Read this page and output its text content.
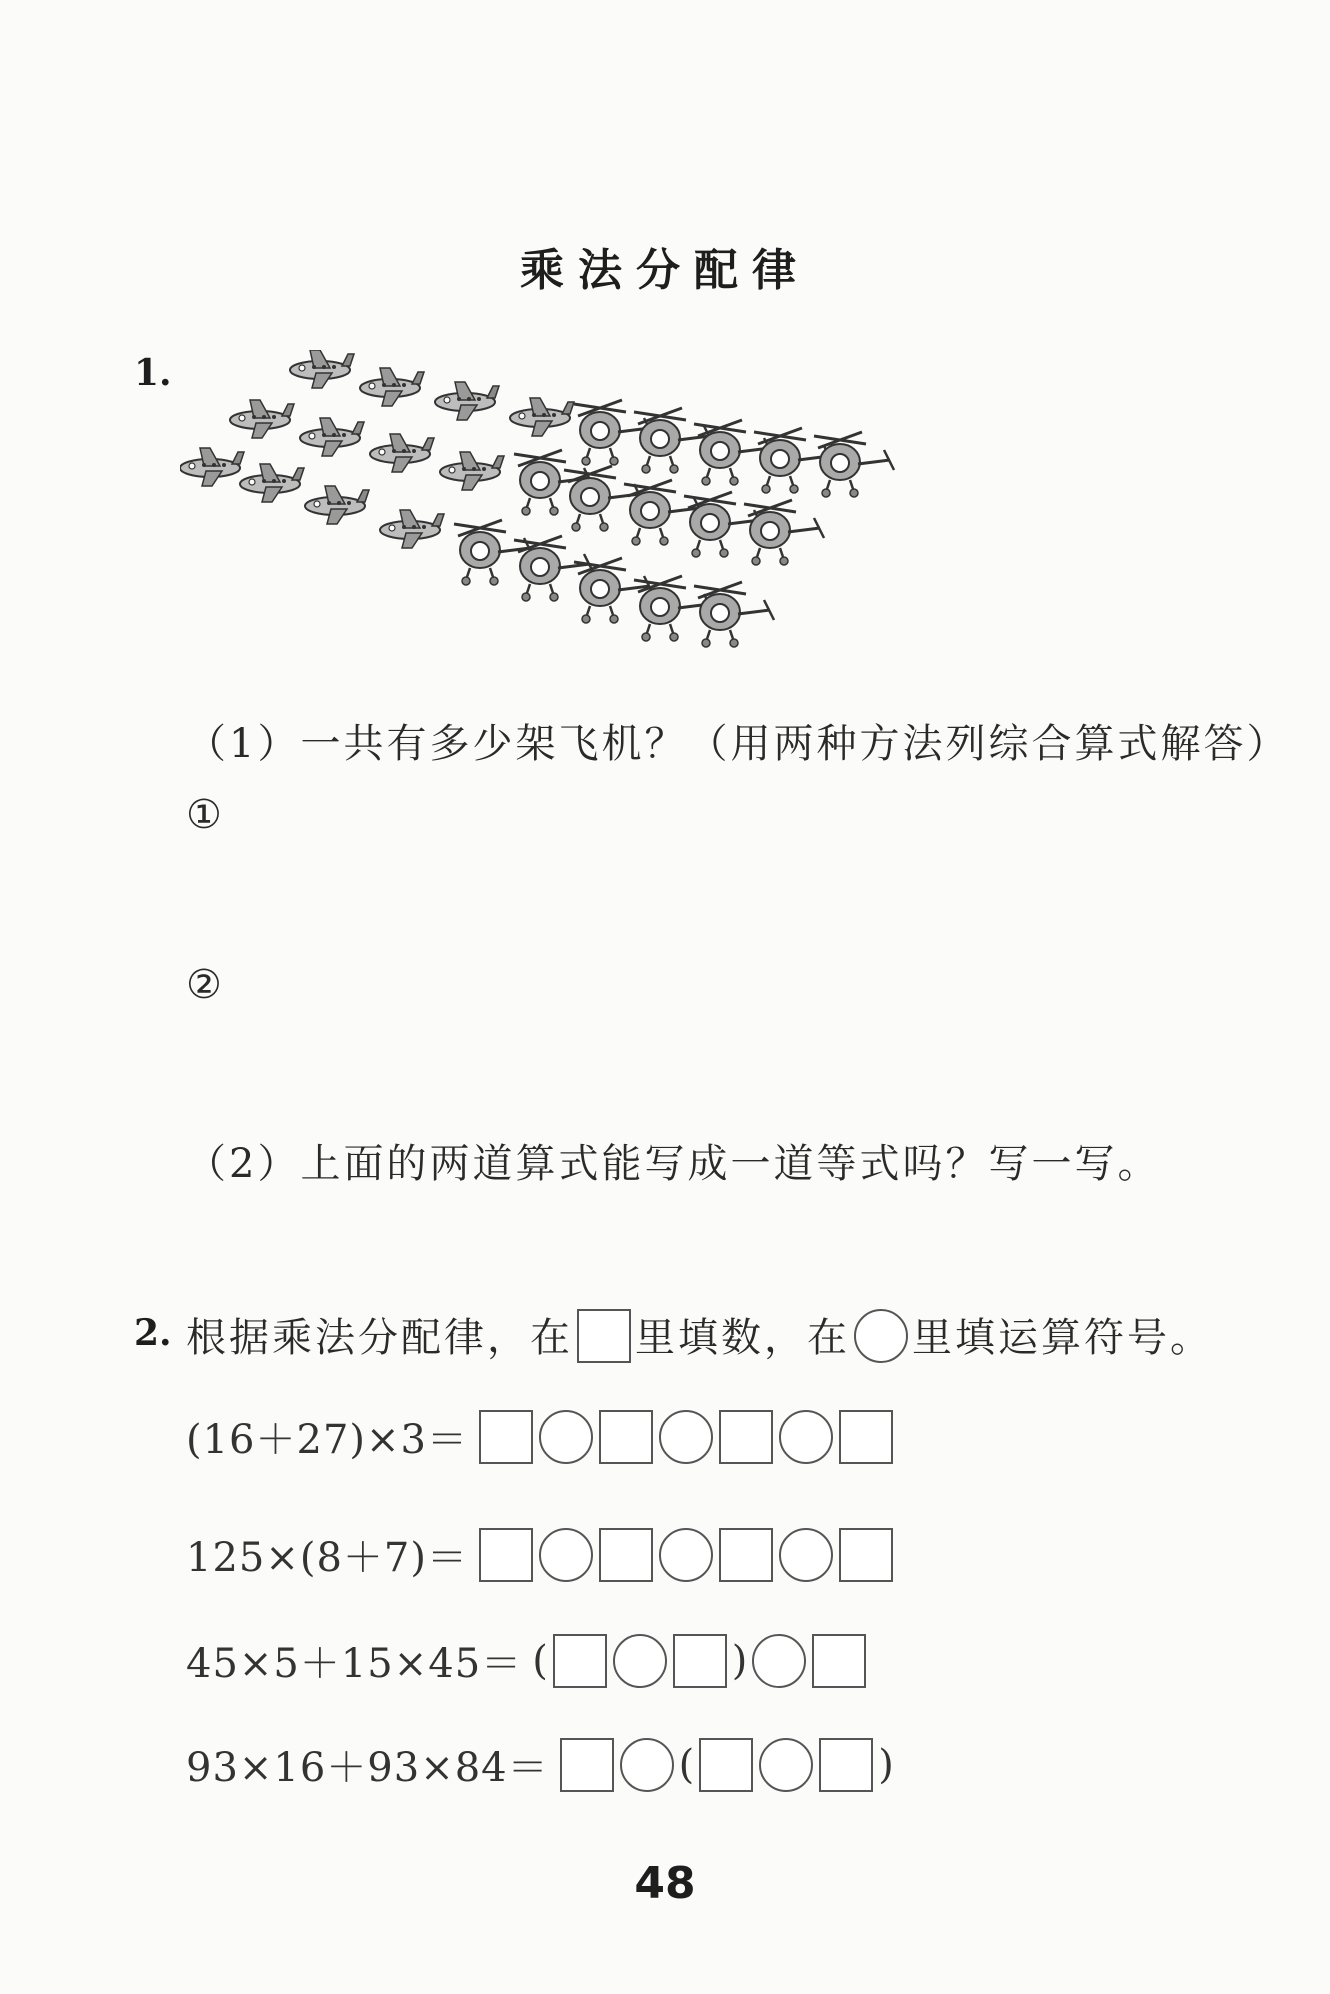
乘法分配律
1.
（1）一共有多少架飞机？（用两种方法列综合算式解答）
①
②
（2）上面的两道算式能写成一道等式吗？写一写。
2. 根据乘法分配律，在 里填数，在 里填运算符号。
(16＋27)×3＝
125×(8＋7)＝
45×5＋15×45＝ (	)
93×16＋93×84＝	(	)
48
